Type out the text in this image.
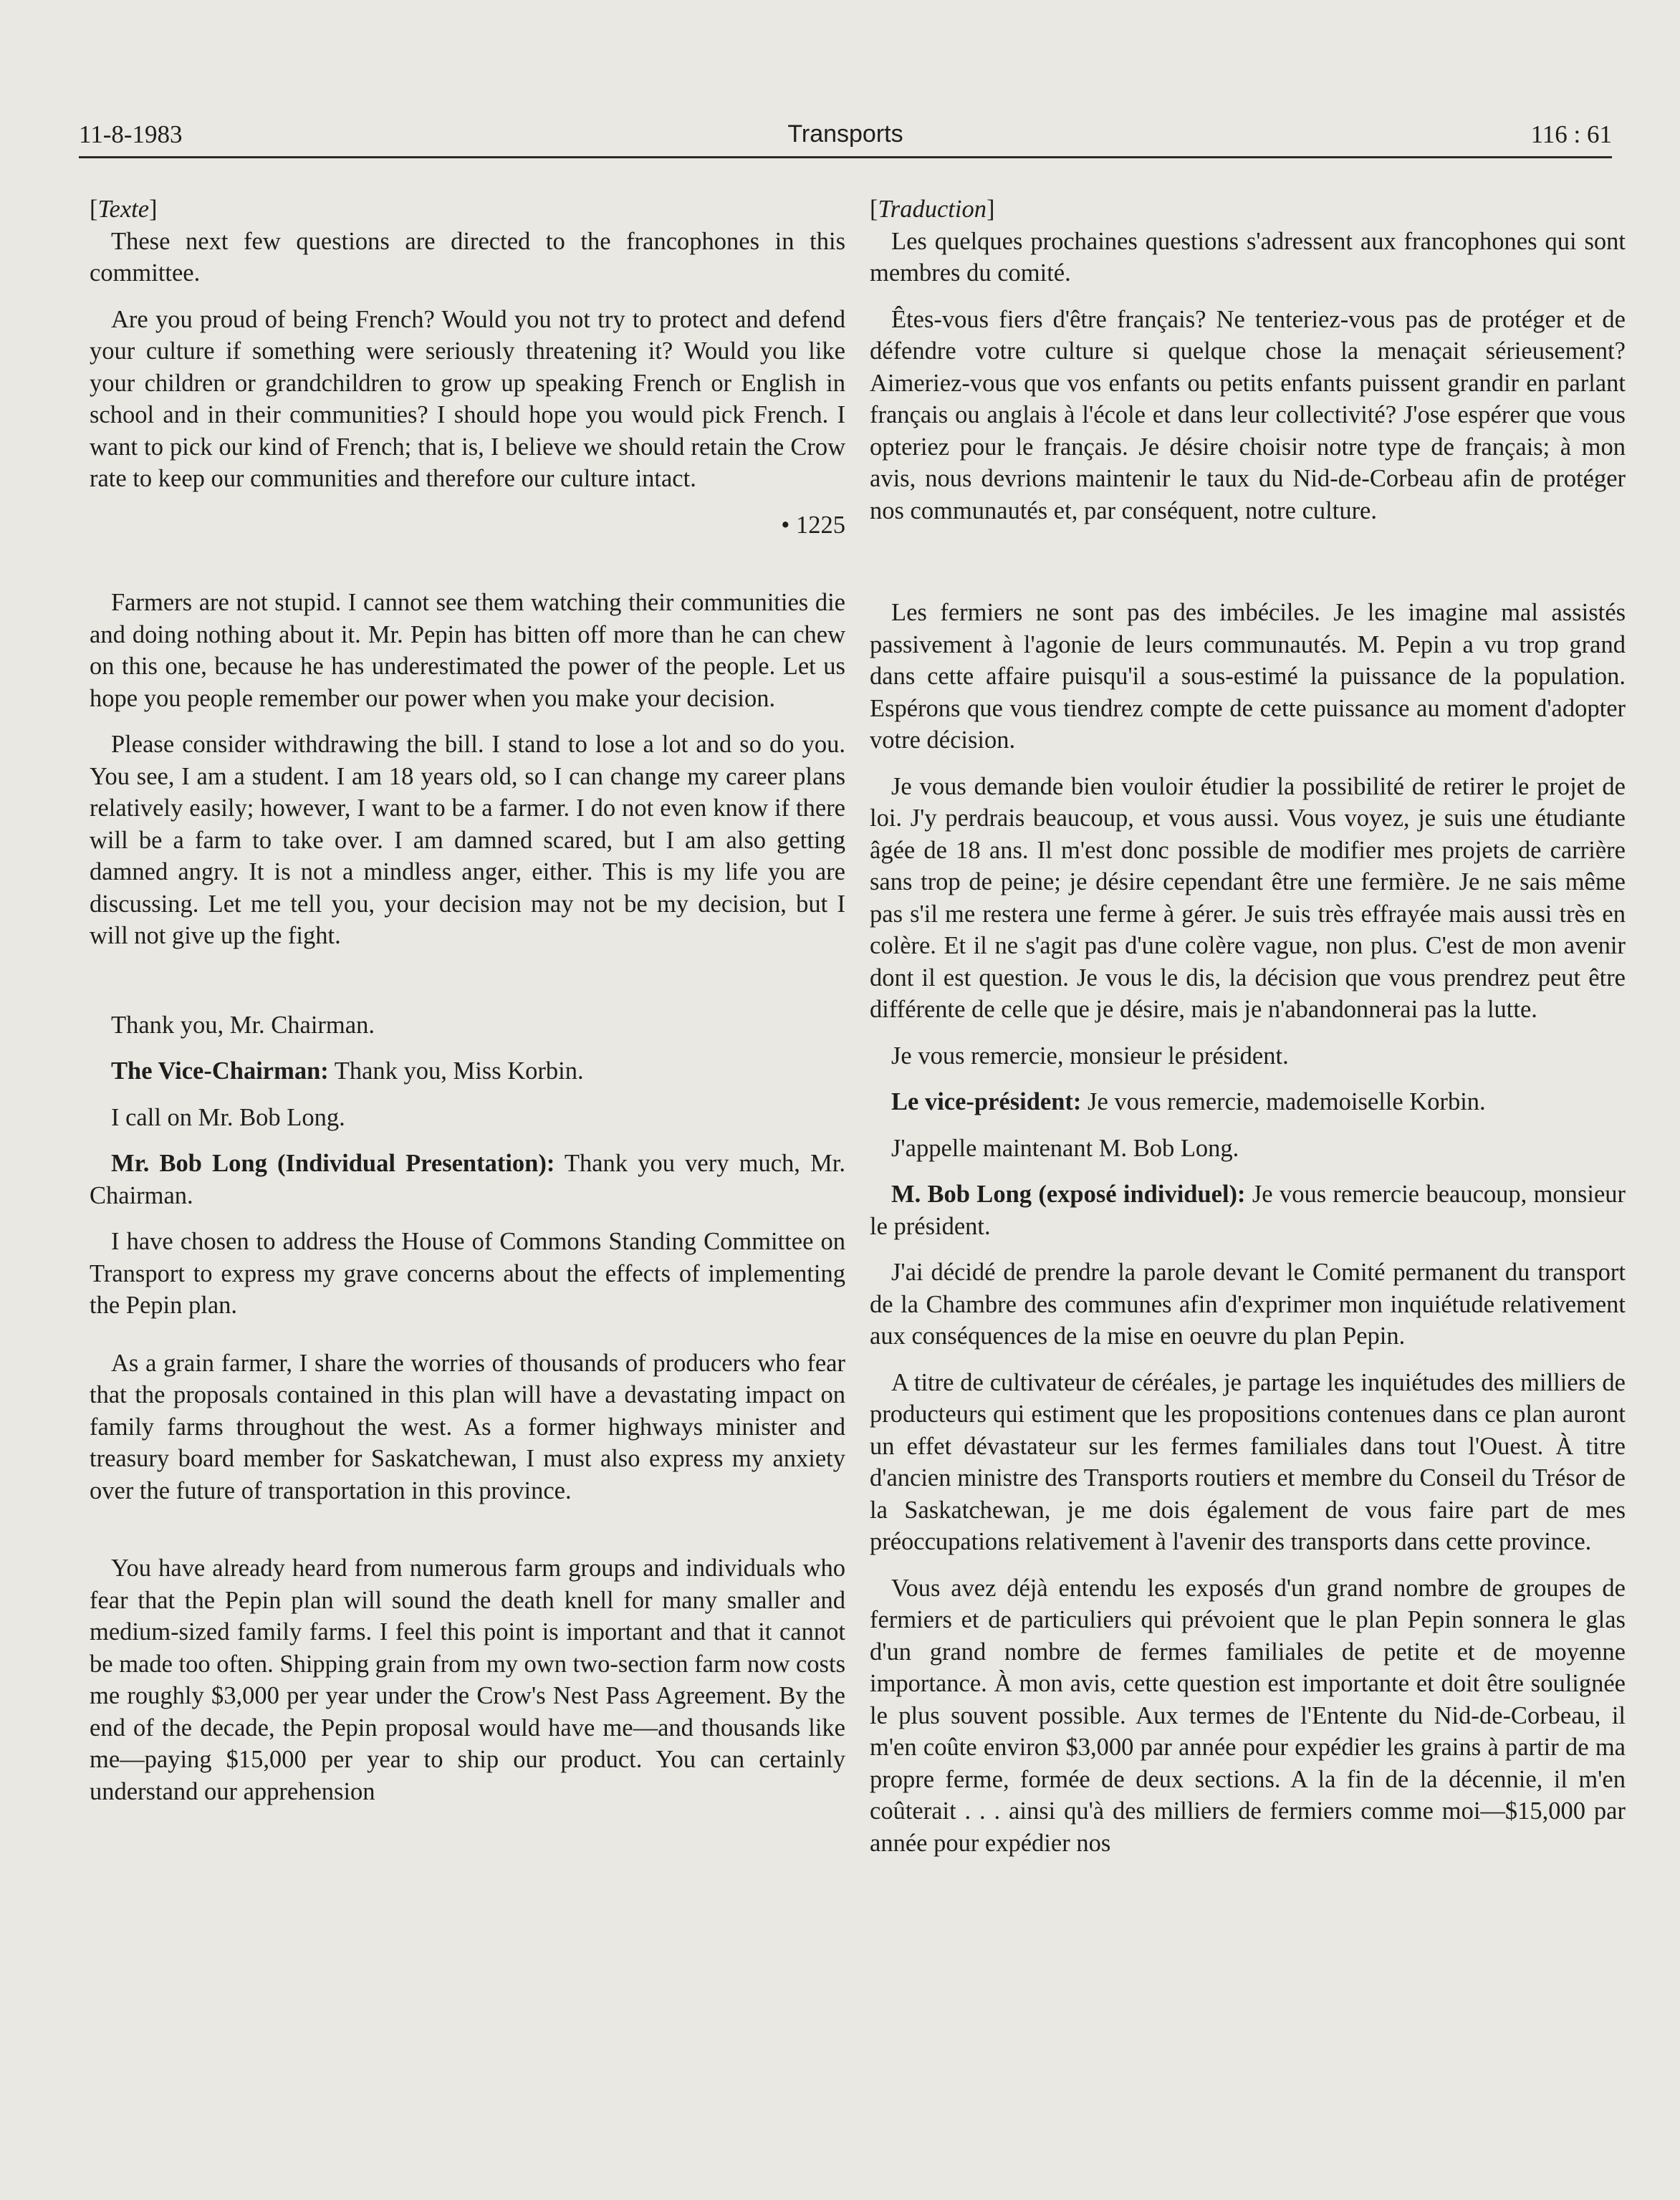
11-8-1983	Transports	116 : 61

[Texte]

These next few questions are directed to the francophones in this committee.

Are you proud of being French? Would you not try to protect and defend your culture if something were seriously threatening it? Would you like your children or grandchildren to grow up speaking French or English in school and in their communities? I should hope you would pick French. I want to pick our kind of French; that is, I believe we should retain the Crow rate to keep our communities and therefore our culture intact.

• 1225

Farmers are not stupid. I cannot see them watching their communities die and doing nothing about it. Mr. Pepin has bitten off more than he can chew on this one, because he has underestimated the power of the people. Let us hope you people remember our power when you make your decision.

Please consider withdrawing the bill. I stand to lose a lot and so do you. You see, I am a student. I am 18 years old, so I can change my career plans relatively easily; however, I want to be a farmer. I do not even know if there will be a farm to take over. I am damned scared, but I am also getting damned angry. It is not a mindless anger, either. This is my life you are discussing. Let me tell you, your decision may not be my decision, but I will not give up the fight.

Thank you, Mr. Chairman.

The Vice-Chairman: Thank you, Miss Korbin.

I call on Mr. Bob Long.

Mr. Bob Long (Individual Presentation): Thank you very much, Mr. Chairman.

I have chosen to address the House of Commons Standing Committee on Transport to express my grave concerns about the effects of implementing the Pepin plan.

As a grain farmer, I share the worries of thousands of producers who fear that the proposals contained in this plan will have a devastating impact on family farms throughout the west. As a former highways minister and treasury board member for Saskatchewan, I must also express my anxiety over the future of transportation in this province.

You have already heard from numerous farm groups and individuals who fear that the Pepin plan will sound the death knell for many smaller and medium-sized family farms. I feel this point is important and that it cannot be made too often. Shipping grain from my own two-section farm now costs me roughly $3,000 per year under the Crow's Nest Pass Agreement. By the end of the decade, the Pepin proposal would have me—and thousands like me—paying $15,000 per year to ship our product. You can certainly understand our apprehension

[Traduction]

Les quelques prochaines questions s'adressent aux francophones qui sont membres du comité.

Êtes-vous fiers d'être français? Ne tenteriez-vous pas de protéger et de défendre votre culture si quelque chose la menaçait sérieusement? Aimeriez-vous que vos enfants ou petits enfants puissent grandir en parlant français ou anglais à l'école et dans leur collectivité? J'ose espérer que vous opteriez pour le français. Je désire choisir notre type de français; à mon avis, nous devrions maintenir le taux du Nid-de-Corbeau afin de protéger nos communautés et, par conséquent, notre culture.

Les fermiers ne sont pas des imbéciles. Je les imagine mal assistés passivement à l'agonie de leurs communautés. M. Pepin a vu trop grand dans cette affaire puisqu'il a sous-estimé la puissance de la population. Espérons que vous tiendrez compte de cette puissance au moment d'adopter votre décision.

Je vous demande bien vouloir étudier la possibilité de retirer le projet de loi. J'y perdrais beaucoup, et vous aussi. Vous voyez, je suis une étudiante âgée de 18 ans. Il m'est donc possible de modifier mes projets de carrière sans trop de peine; je désire cependant être une fermière. Je ne sais même pas s'il me restera une ferme à gérer. Je suis très effrayée mais aussi très en colère. Et il ne s'agit pas d'une colère vague, non plus. C'est de mon avenir dont il est question. Je vous le dis, la décision que vous prendrez peut être différente de celle que je désire, mais je n'abandonnerai pas la lutte.

Je vous remercie, monsieur le président.

Le vice-président: Je vous remercie, mademoiselle Korbin.

J'appelle maintenant M. Bob Long.

M. Bob Long (exposé individuel): Je vous remercie beaucoup, monsieur le président.

J'ai décidé de prendre la parole devant le Comité permanent du transport de la Chambre des communes afin d'exprimer mon inquiétude relativement aux conséquences de la mise en oeuvre du plan Pepin.

A titre de cultivateur de céréales, je partage les inquiétudes des milliers de producteurs qui estiment que les propositions contenues dans ce plan auront un effet dévastateur sur les fermes familiales dans tout l'Ouest. À titre d'ancien ministre des Transports routiers et membre du Conseil du Trésor de la Saskatchewan, je me dois également de vous faire part de mes préoccupations relativement à l'avenir des transports dans cette province.

Vous avez déjà entendu les exposés d'un grand nombre de groupes de fermiers et de particuliers qui prévoient que le plan Pepin sonnera le glas d'un grand nombre de fermes familiales de petite et de moyenne importance. À mon avis, cette question est importante et doit être soulignée le plus souvent possible. Aux termes de l'Entente du Nid-de-Corbeau, il m'en coûte environ $3,000 par année pour expédier les grains à partir de ma propre ferme, formée de deux sections. A la fin de la décennie, il m'en coûterait . . . ainsi qu'à des milliers de fermiers comme moi—$15,000 par année pour expédier nos
